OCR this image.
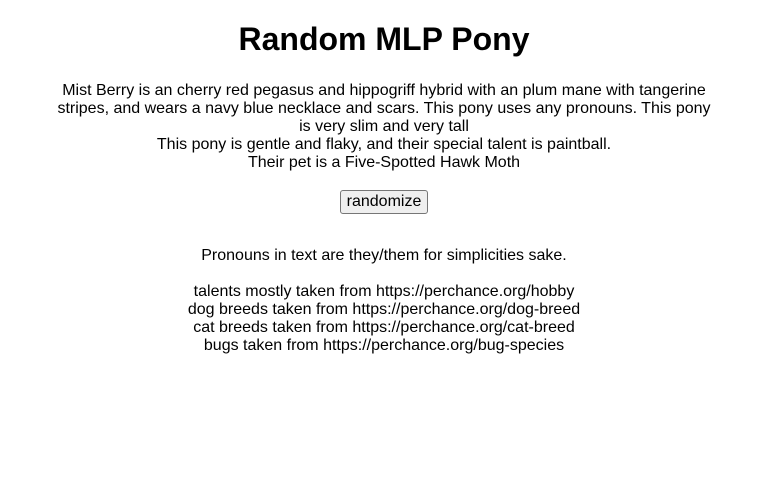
Random MLP Pony
Mist Berry is an cherry red pegasus and hippogriff hybrid with an plum mane with tangerine stripes, and wears a navy blue necklace and scars. This pony uses any pronouns. This pony is very slim and very tall
This pony is gentle and flaky, and their special talent is paintball.
Their pet is a Five-Spotted Hawk Moth
randomize
Pronouns in text are they/them for simplicities sake.
talents mostly taken from https://perchance.org/hobby
dog breeds taken from https://perchance.org/dog-breed
cat breeds taken from https://perchance.org/cat-breed
bugs taken from https://perchance.org/bug-species
